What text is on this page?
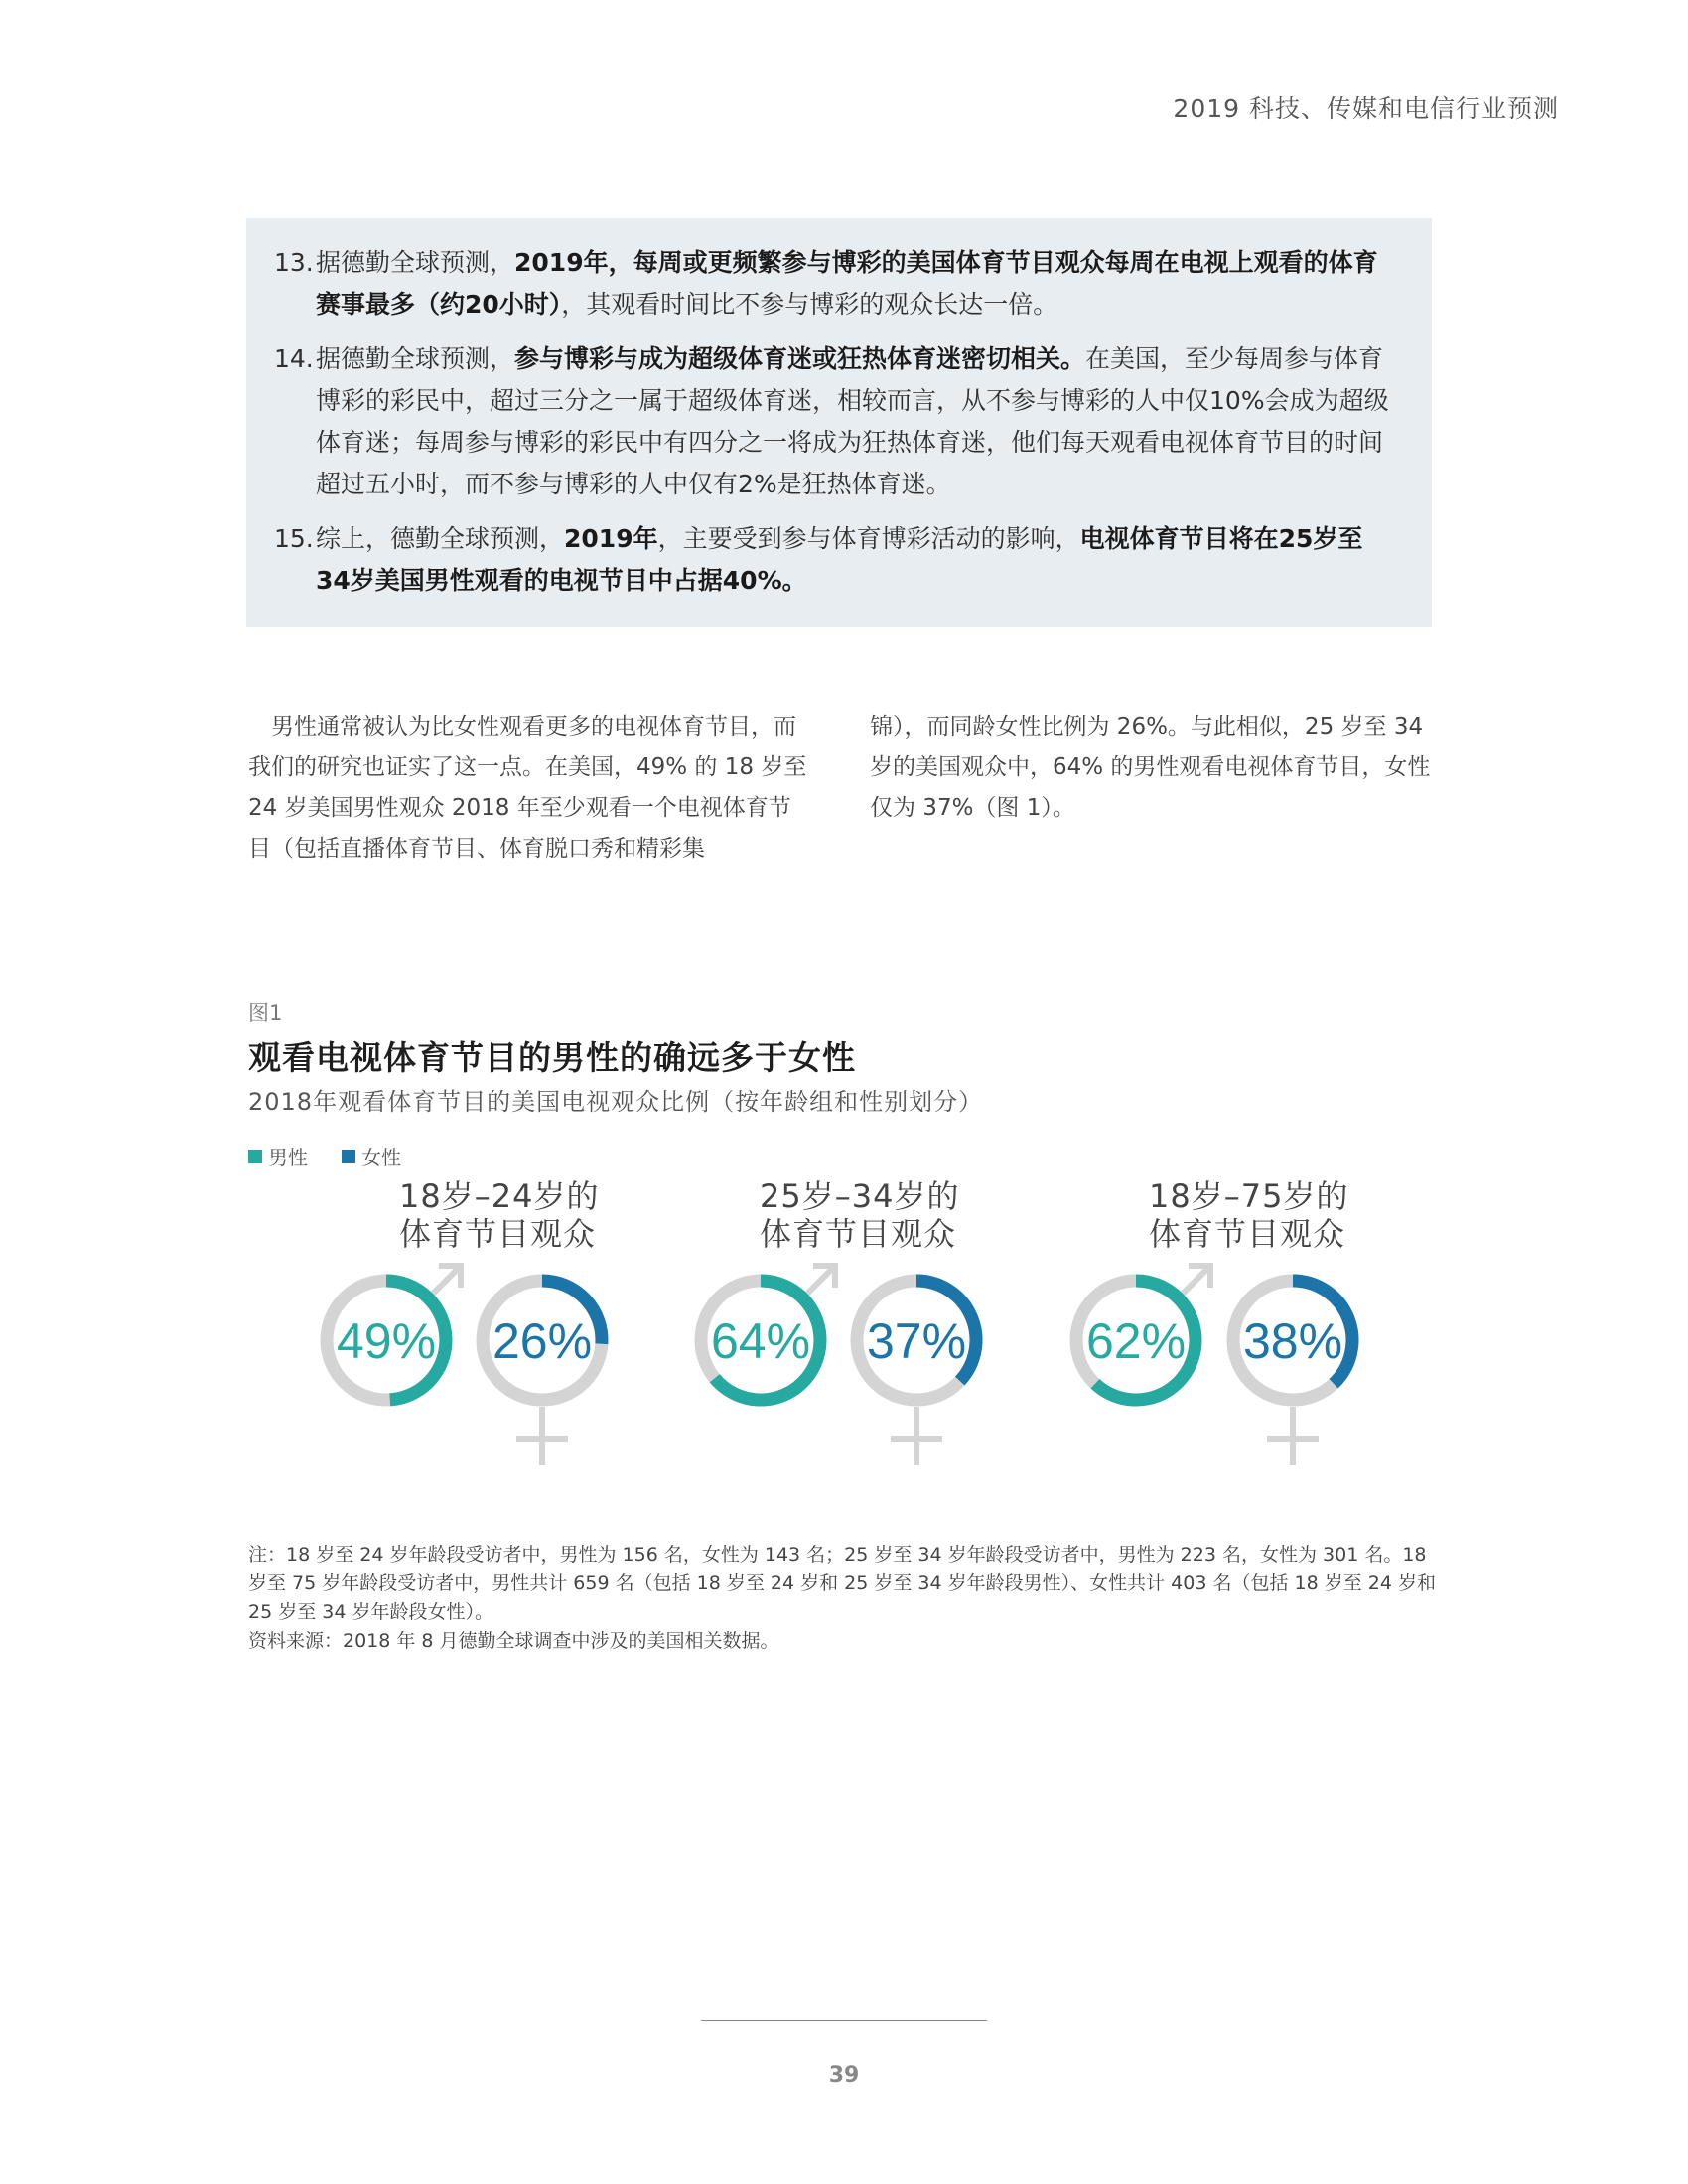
2019 科技、传媒和电信行业预测
13. 据德勤全球预测，2019年，每周或更频繁参与博彩的美国体育节目观众每周在电视上观看的体育赛事最多（约20小时），其观看时间比不参与博彩的观众长达一倍。
14. 据德勤全球预测，参与博彩与成为超级体育迷或狂热体育迷密切相关。在美国，至少每周参与体育博彩的彩民中，超过三分之一属于超级体育迷，相较而言，从不参与博彩的人中仅10%会成为超级体育迷；每周参与博彩的彩民中有四分之一将成为狂热体育迷，他们每天观看电视体育节目的时间超过五小时，而不参与博彩的人中仅有2%是狂热体育迷。
15. 综上，德勤全球预测，2019年，主要受到参与体育博彩活动的影响，电视体育节目将在25岁至34岁美国男性观看的电视节目中占据40%。
男性通常被认为比女性观看更多的电视体育节目，而我们的研究也证实了这一点。在美国，49% 的 18 岁至 24 岁美国男性观众 2018 年至少观看一个电视体育节目（包括直播体育节目、体育脱口秀和精彩集
锦），而同龄女性比例为 26%。与此相似，25 岁至 34 岁的美国观众中，64% 的男性观看电视体育节目，女性仅为 37%（图 1）。
图1
观看电视体育节目的男性的确远多于女性
2018年观看体育节目的美国电视观众比例（按年龄组和性别划分）
男性	女性
18岁–24岁的
体育节目观众
25岁–34岁的
体育节目观众
18岁–75岁的
体育节目观众
49% 26% 64% 37% 62% 38%

注：18 岁至 24 岁年龄段受访者中，男性为 156 名，女性为 143 名；25 岁至 34 岁年龄段受访者中，男性为 223 名，女性为 301 名。18 岁至 75 岁年龄段受访者中，男性共计 659 名（包括 18 岁至 24 岁和 25 岁至 34 岁年龄段男性）、女性共计 403 名（包括 18 岁至 24 岁和 25 岁至 34 岁年龄段女性）。

资料来源：2018 年 8 月德勤全球调查中涉及的美国相关数据。

39
